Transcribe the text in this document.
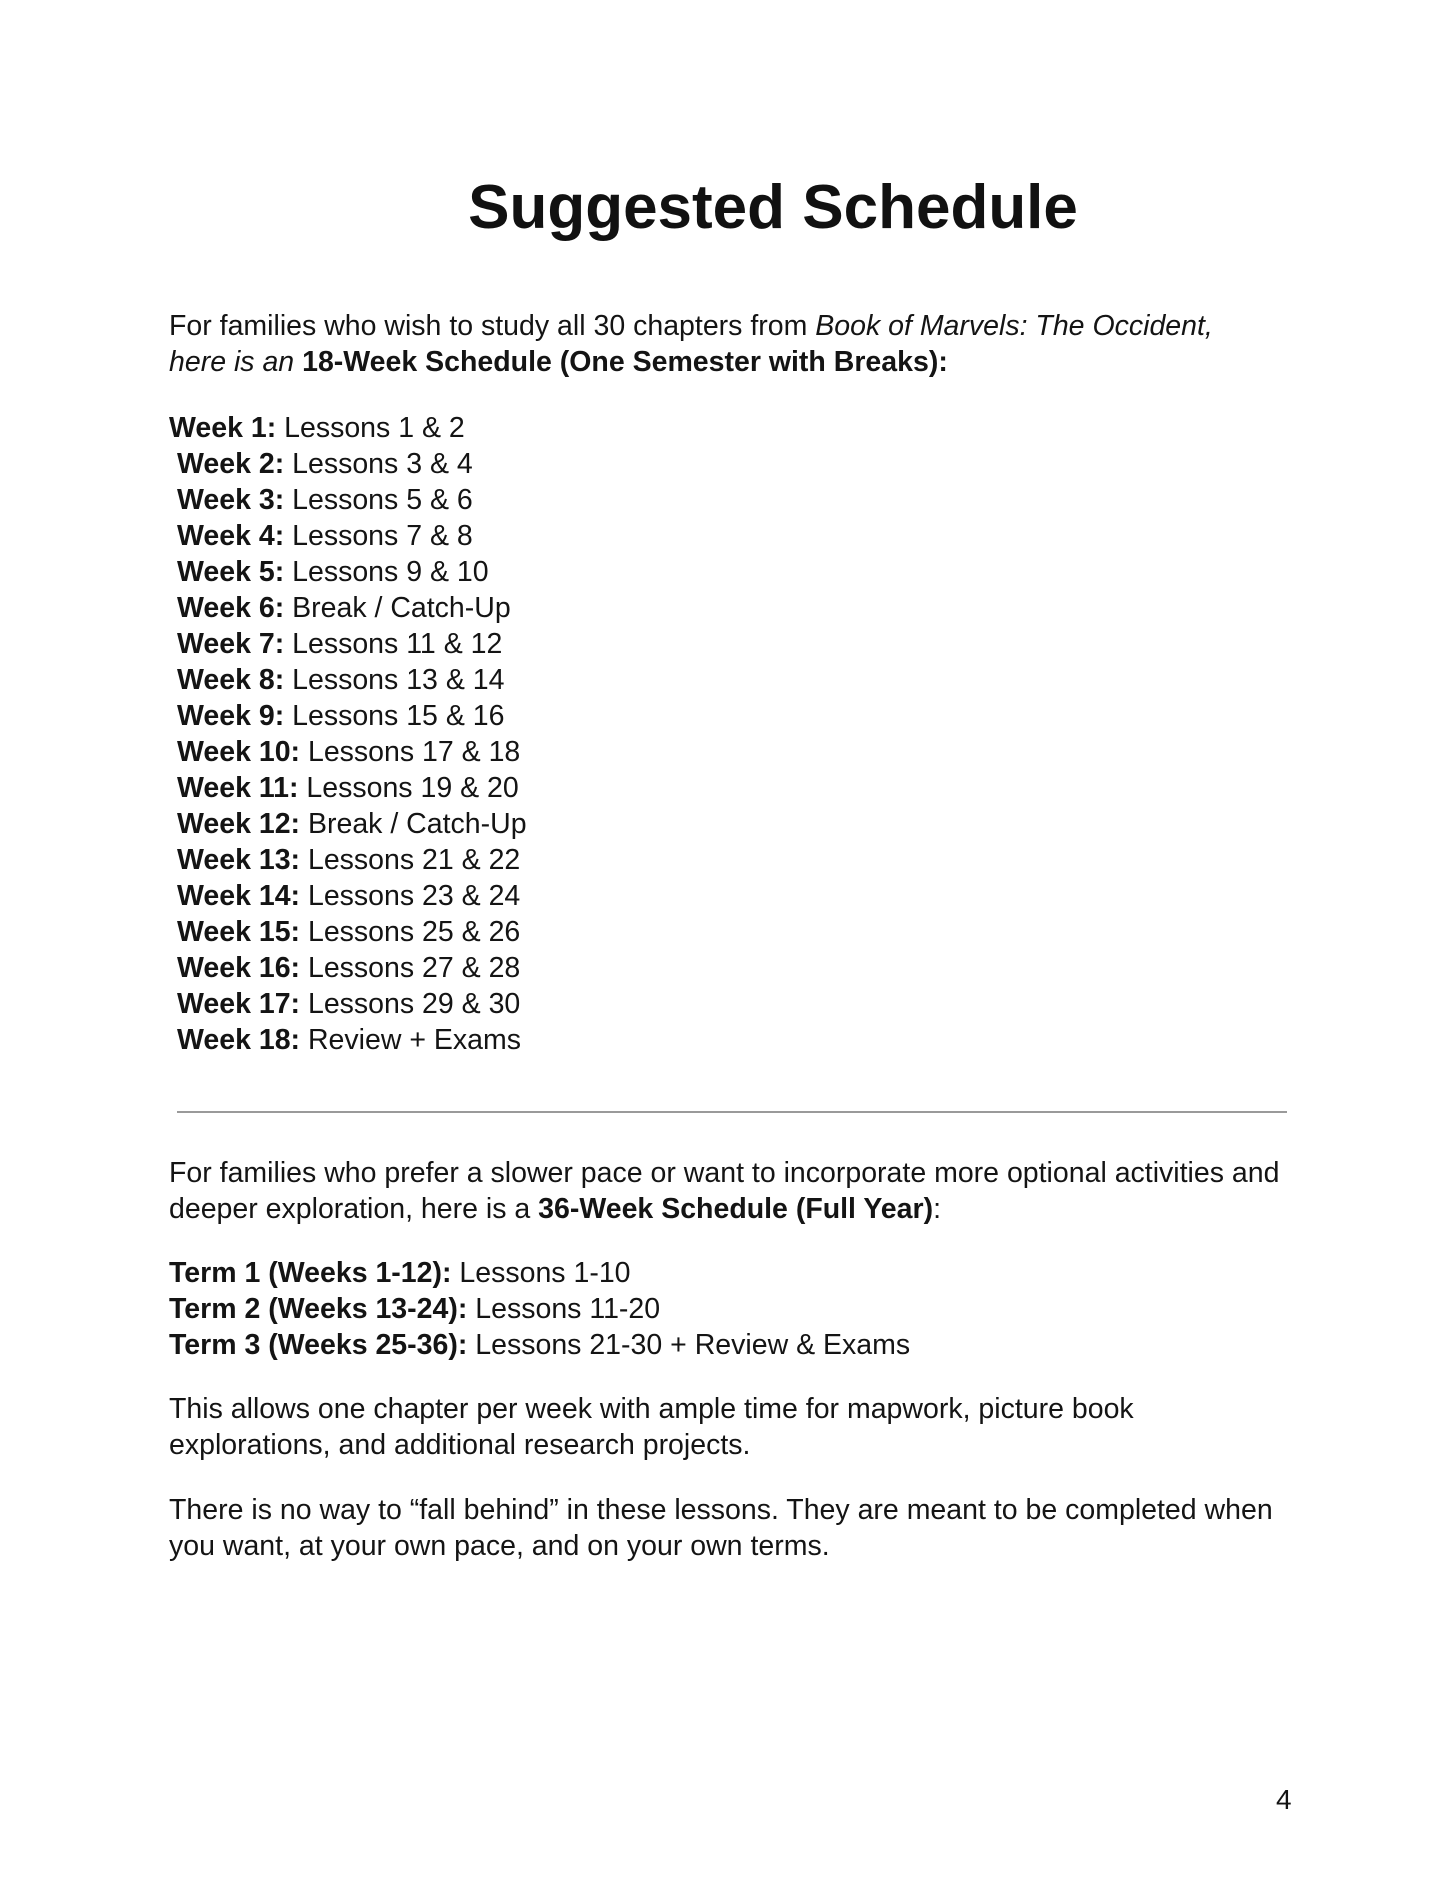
Suggested Schedule

For families who wish to study all 30 chapters from Book of Marvels: The Occident,
here is an 18-Week Schedule (One Semester with Breaks):

Week 1: Lessons 1 & 2
Week 2: Lessons 3 & 4
Week 3: Lessons 5 & 6
Week 4: Lessons 7 & 8
Week 5: Lessons 9 & 10
Week 6: Break / Catch-Up
Week 7: Lessons 11 & 12
Week 8: Lessons 13 & 14
Week 9: Lessons 15 & 16
Week 10: Lessons 17 & 18
Week 11: Lessons 19 & 20
Week 12: Break / Catch-Up
Week 13: Lessons 21 & 22
Week 14: Lessons 23 & 24
Week 15: Lessons 25 & 26
Week 16: Lessons 27 & 28
Week 17: Lessons 29 & 30
Week 18: Review + Exams

For families who prefer a slower pace or want to incorporate more optional activities and deeper exploration, here is a 36-Week Schedule (Full Year):

Term 1 (Weeks 1-12): Lessons 1-10
Term 2 (Weeks 13-24): Lessons 11-20
Term 3 (Weeks 25-36): Lessons 21-30 + Review & Exams

This allows one chapter per week with ample time for mapwork, picture book explorations, and additional research projects.

There is no way to “fall behind” in these lessons. They are meant to be completed when you want, at your own pace, and on your own terms.

4
